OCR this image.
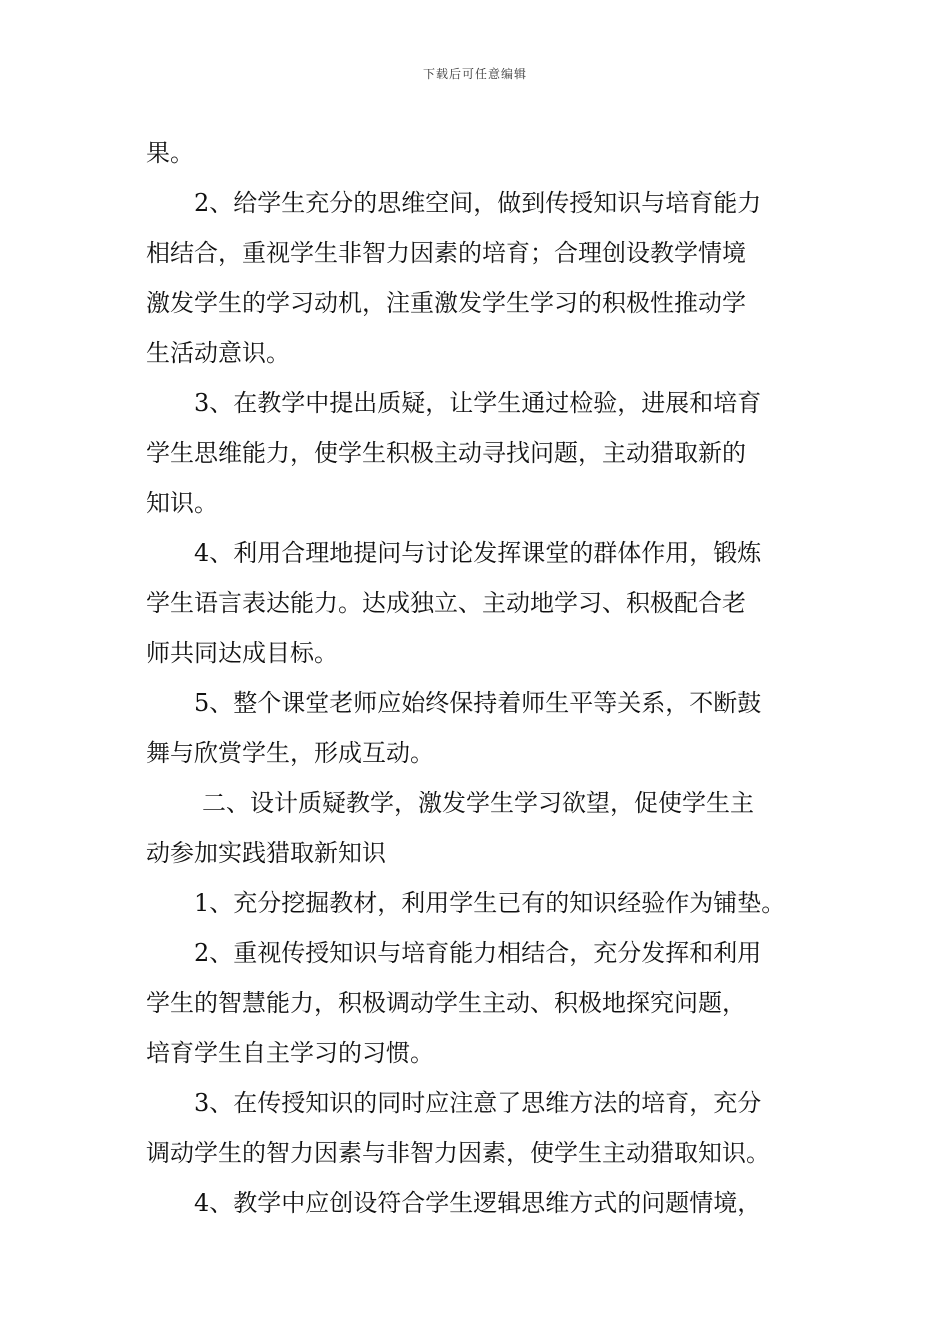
下载后可任意编辑
果。
2、给学生充分的思维空间，做到传授知识与培育能力
相结合，重视学生非智力因素的培育；合理创设教学情境
激发学生的学习动机，注重激发学生学习的积极性推动学
生活动意识。
3、在教学中提出质疑，让学生通过检验，进展和培育
学生思维能力，使学生积极主动寻找问题，主动猎取新的
知识。
4、利用合理地提问与讨论发挥课堂的群体作用，锻炼
学生语言表达能力。达成独立、主动地学习、积极配合老
师共同达成目标。
5、整个课堂老师应始终保持着师生平等关系，不断鼓
舞与欣赏学生，形成互动。
二、设计质疑教学，激发学生学习欲望，促使学生主
动参加实践猎取新知识
1、充分挖掘教材，利用学生已有的知识经验作为铺垫。
2、重视传授知识与培育能力相结合，充分发挥和利用
学生的智慧能力，积极调动学生主动、积极地探究问题，
培育学生自主学习的习惯。
3、在传授知识的同时应注意了思维方法的培育，充分
调动学生的智力因素与非智力因素，使学生主动猎取知识。
4、教学中应创设符合学生逻辑思维方式的问题情境，
